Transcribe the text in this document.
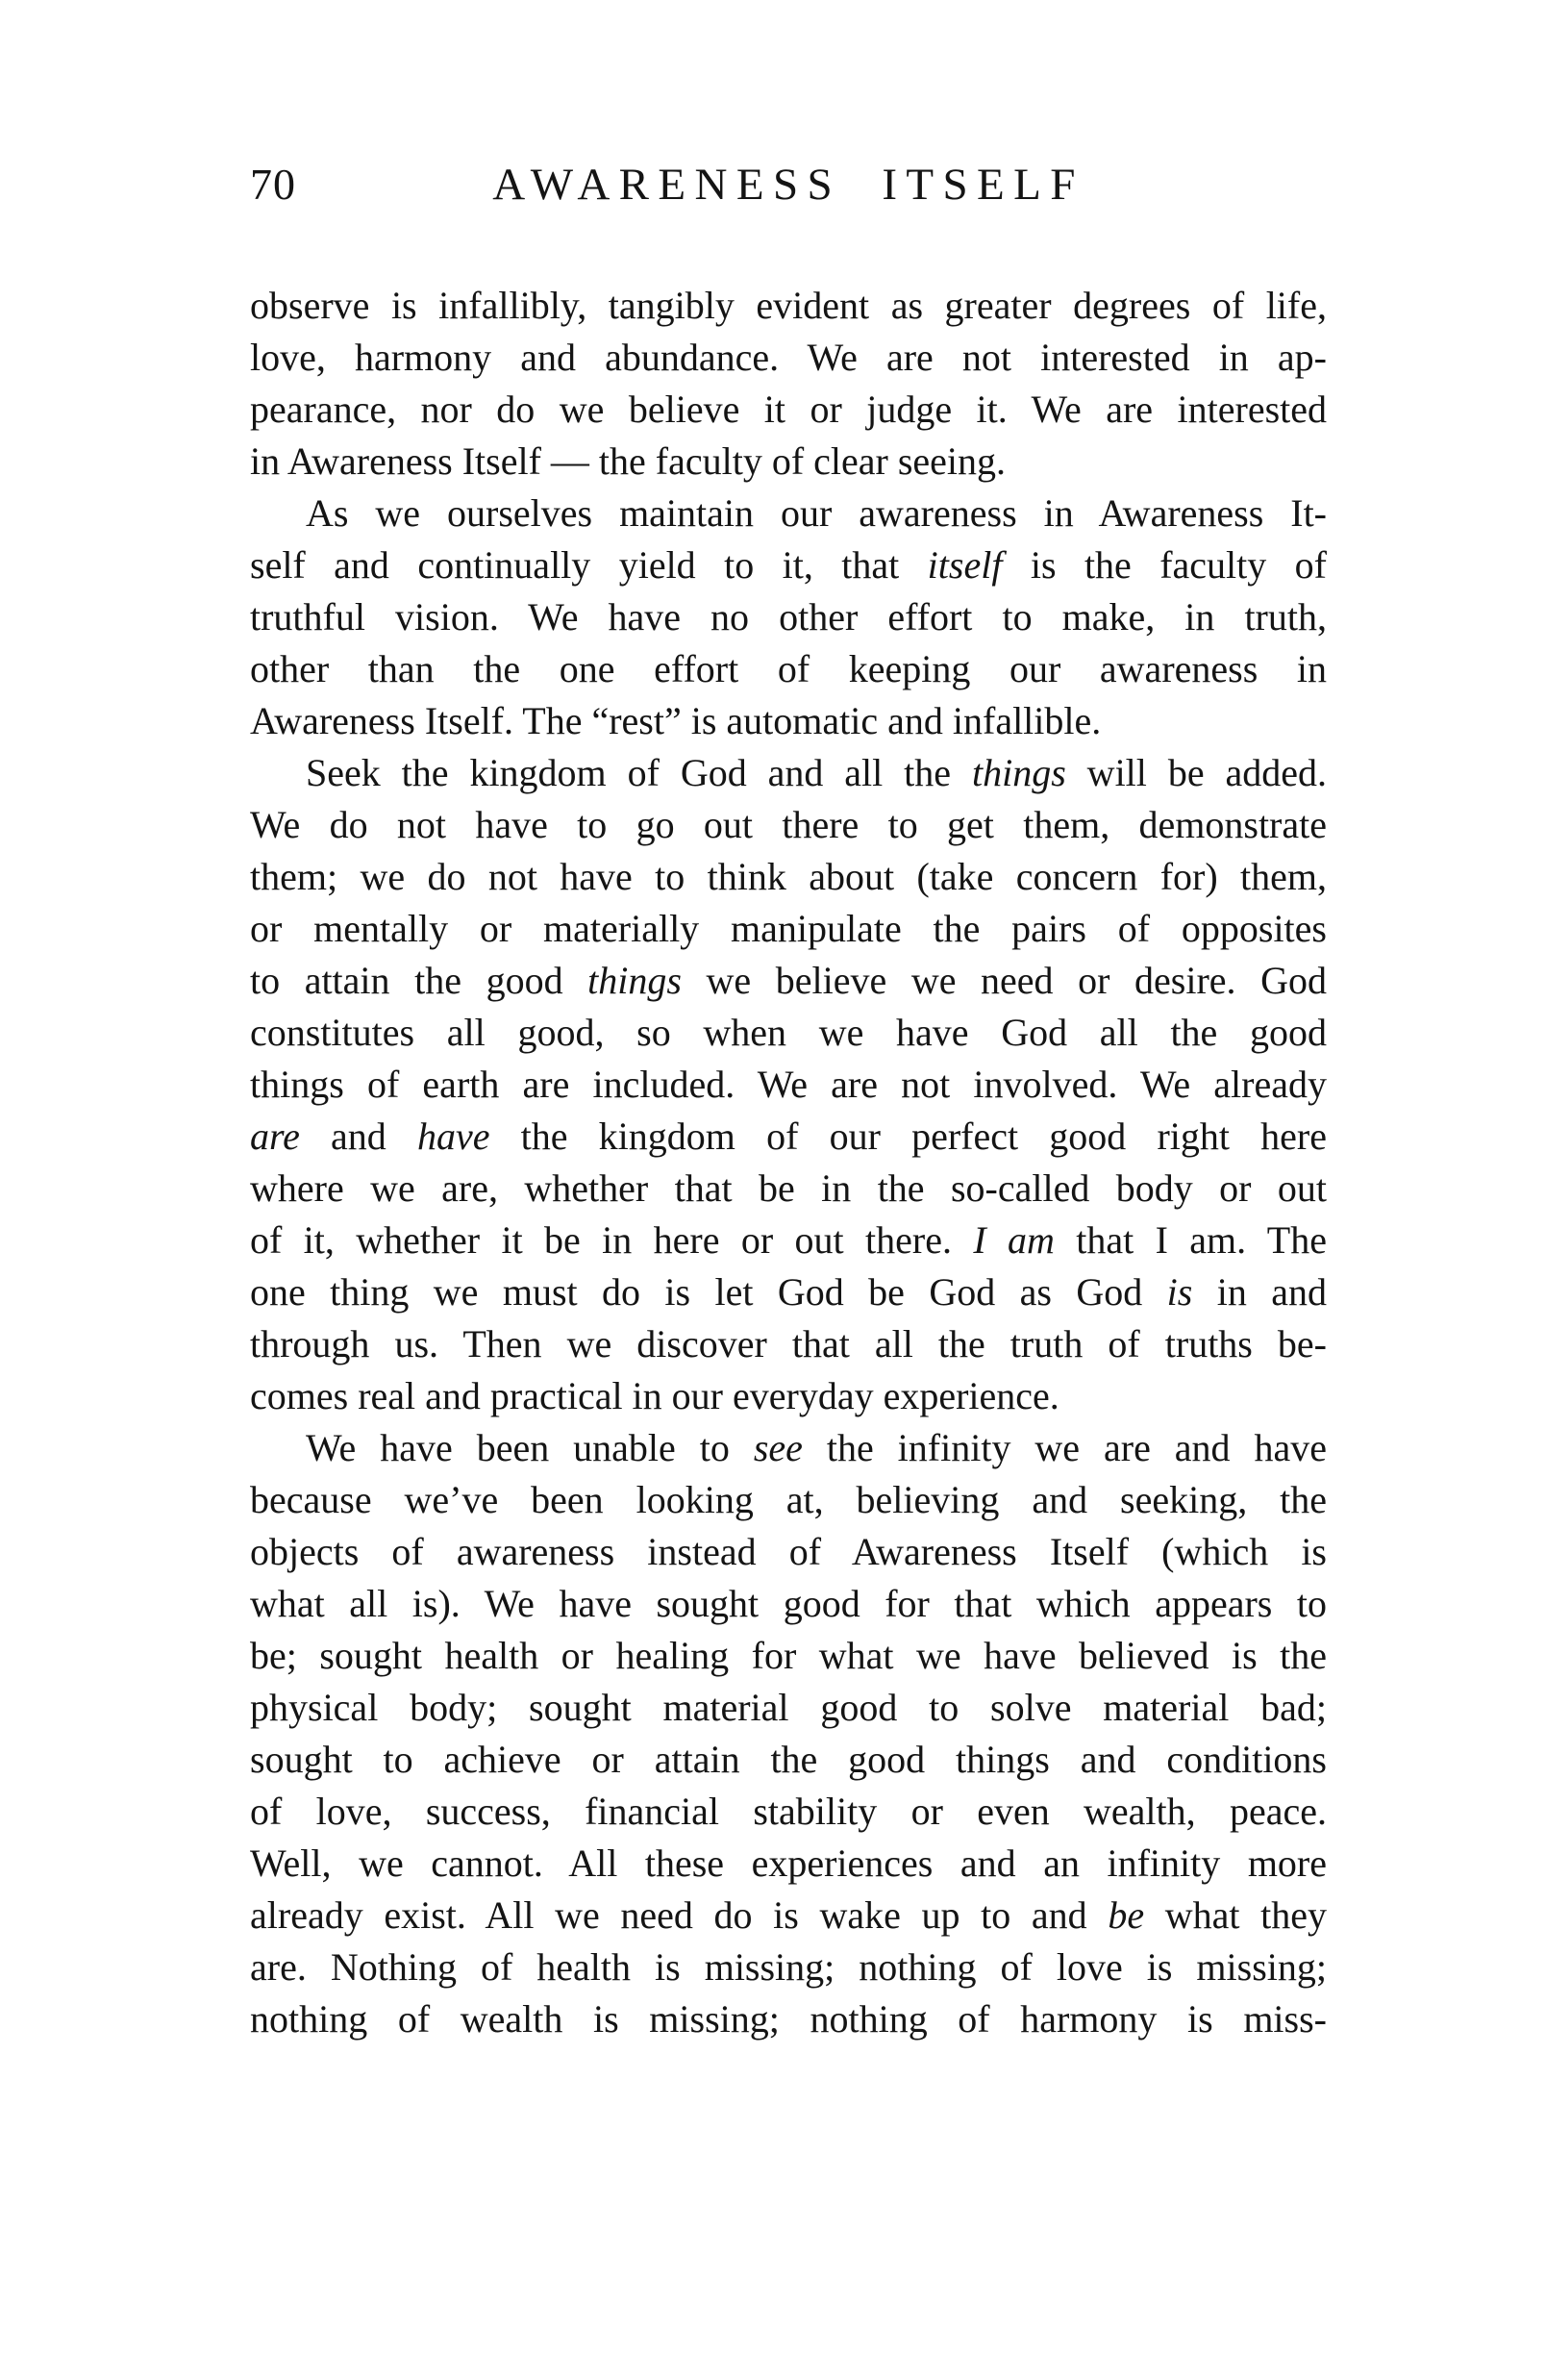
70	AWARENESS ITSELF
observe is infallibly, tangibly evident as greater degrees of life,
love, harmony and abundance. We are not interested in ap-
pearance, nor do we believe it or judge it. We are interested
in Awareness Itself — the faculty of clear seeing.
As we ourselves maintain our awareness in Awareness It-
self and continually yield to it, that itself is the faculty of
truthful vision. We have no other effort to make, in truth,
other than the one effort of keeping our awareness in
Awareness Itself. The “rest” is automatic and infallible.
Seek the kingdom of God and all the things will be added.
We do not have to go out there to get them, demonstrate
them; we do not have to think about (take concern for) them,
or mentally or materially manipulate the pairs of opposites
to attain the good things we believe we need or desire. God
constitutes all good, so when we have God all the good
things of earth are included. We are not involved. We already
are and have the kingdom of our perfect good right here
where we are, whether that be in the so-called body or out
of it, whether it be in here or out there. I am that I am. The
one thing we must do is let God be God as God is in and
through us. Then we discover that all the truth of truths be-
comes real and practical in our everyday experience.
We have been unable to see the infinity we are and have
because we’ve been looking at, believing and seeking, the
objects of awareness instead of Awareness Itself (which is
what all is). We have sought good for that which appears to
be; sought health or healing for what we have believed is the
physical body; sought material good to solve material bad;
sought to achieve or attain the good things and conditions
of love, success, financial stability or even wealth, peace.
Well, we cannot. All these experiences and an infinity more
already exist. All we need do is wake up to and be what they
are. Nothing of health is missing; nothing of love is missing;
nothing of wealth is missing; nothing of harmony is miss-
